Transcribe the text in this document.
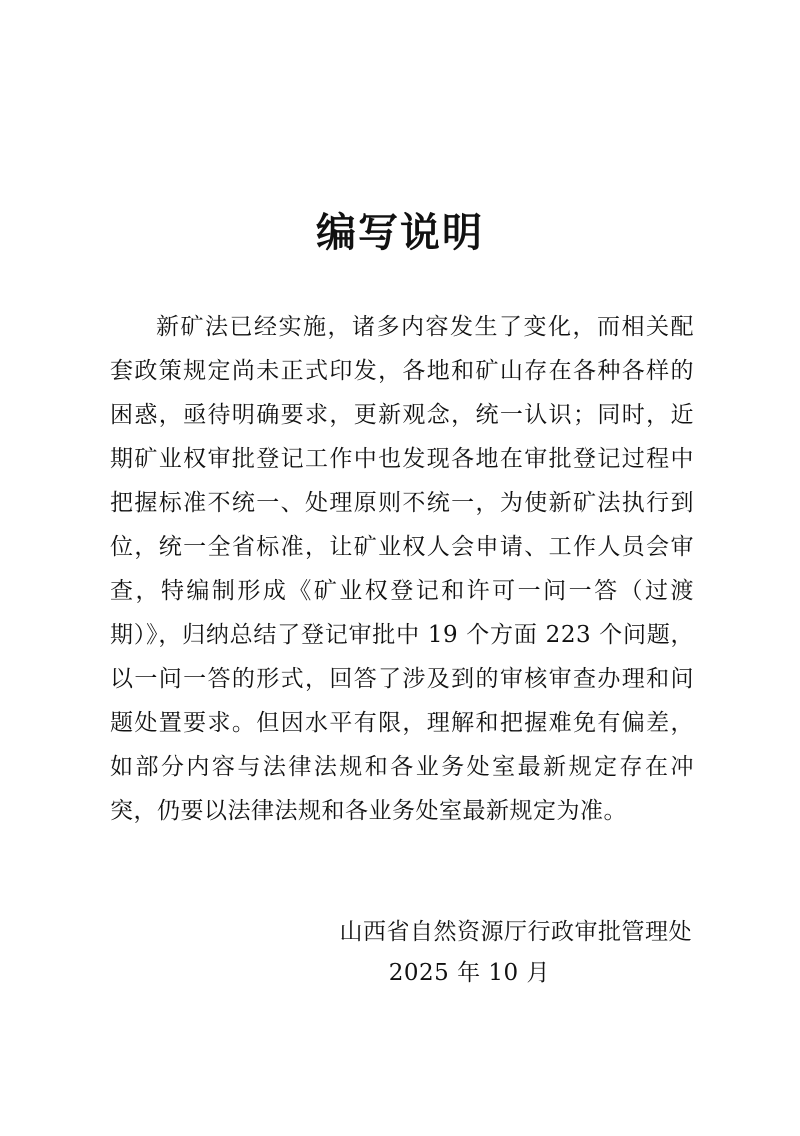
编写说明

新矿法已经实施，诸多内容发生了变化，而相关配套政策规定尚未正式印发，各地和矿山存在各种各样的困惑，亟待明确要求，更新观念，统一认识；同时，近期矿业权审批登记工作中也发现各地在审批登记过程中把握标准不统一、处理原则不统一，为使新矿法执行到位，统一全省标准，让矿业权人会申请、工作人员会审查，特编制形成《矿业权登记和许可一问一答（过渡期）》，归纳总结了登记审批中 19 个方面 223 个问题，以一问一答的形式，回答了涉及到的审核审查办理和问题处置要求。但因水平有限，理解和把握难免有偏差，如部分内容与法律法规和各业务处室最新规定存在冲突，仍要以法律法规和各业务处室最新规定为准。

山西省自然资源厅行政审批管理处

2025 年 10 月
